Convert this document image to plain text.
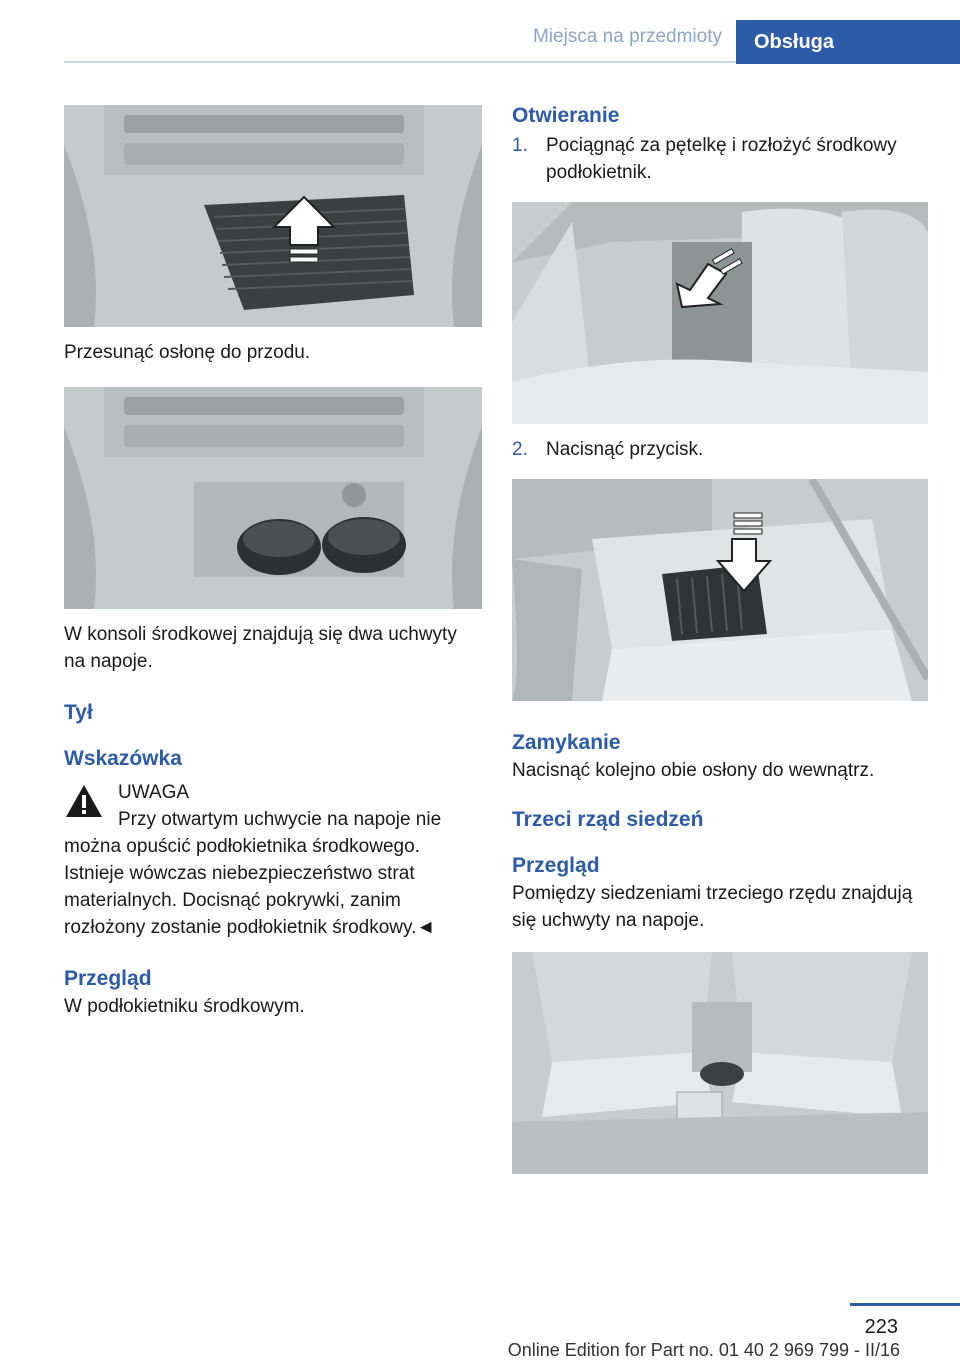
Miejsca na przedmioty	Obsługa

Przesunąć osłonę do przodu.

W konsoli środkowej znajdują się dwa uchwyty na napoje.

Tył

Wskazówka

UWAGA

Przy otwartym uchwycie na napoje nie można opuścić podłokietnika środkowego. Istnieje wówczas niebezpieczeństwo strat materialnych. Docisnąć pokrywki, zanim rozłożony zostanie podłokietnik środkowy.◄

Przegląd

W podłokietniku środkowym.

Otwieranie

1. Pociągnąć za pętelkę i rozłożyć środkowy podłokietnik.
2. Nacisnąć przycisk.

Zamykanie

Nacisnąć kolejno obie osłony do wewnątrz.

Trzeci rząd siedzeń

Przegląd

Pomiędzy siedzeniami trzeciego rzędu znajdują się uchwyty na napoje.

223
Online Edition for Part no. 01 40 2 969 799 - II/16
